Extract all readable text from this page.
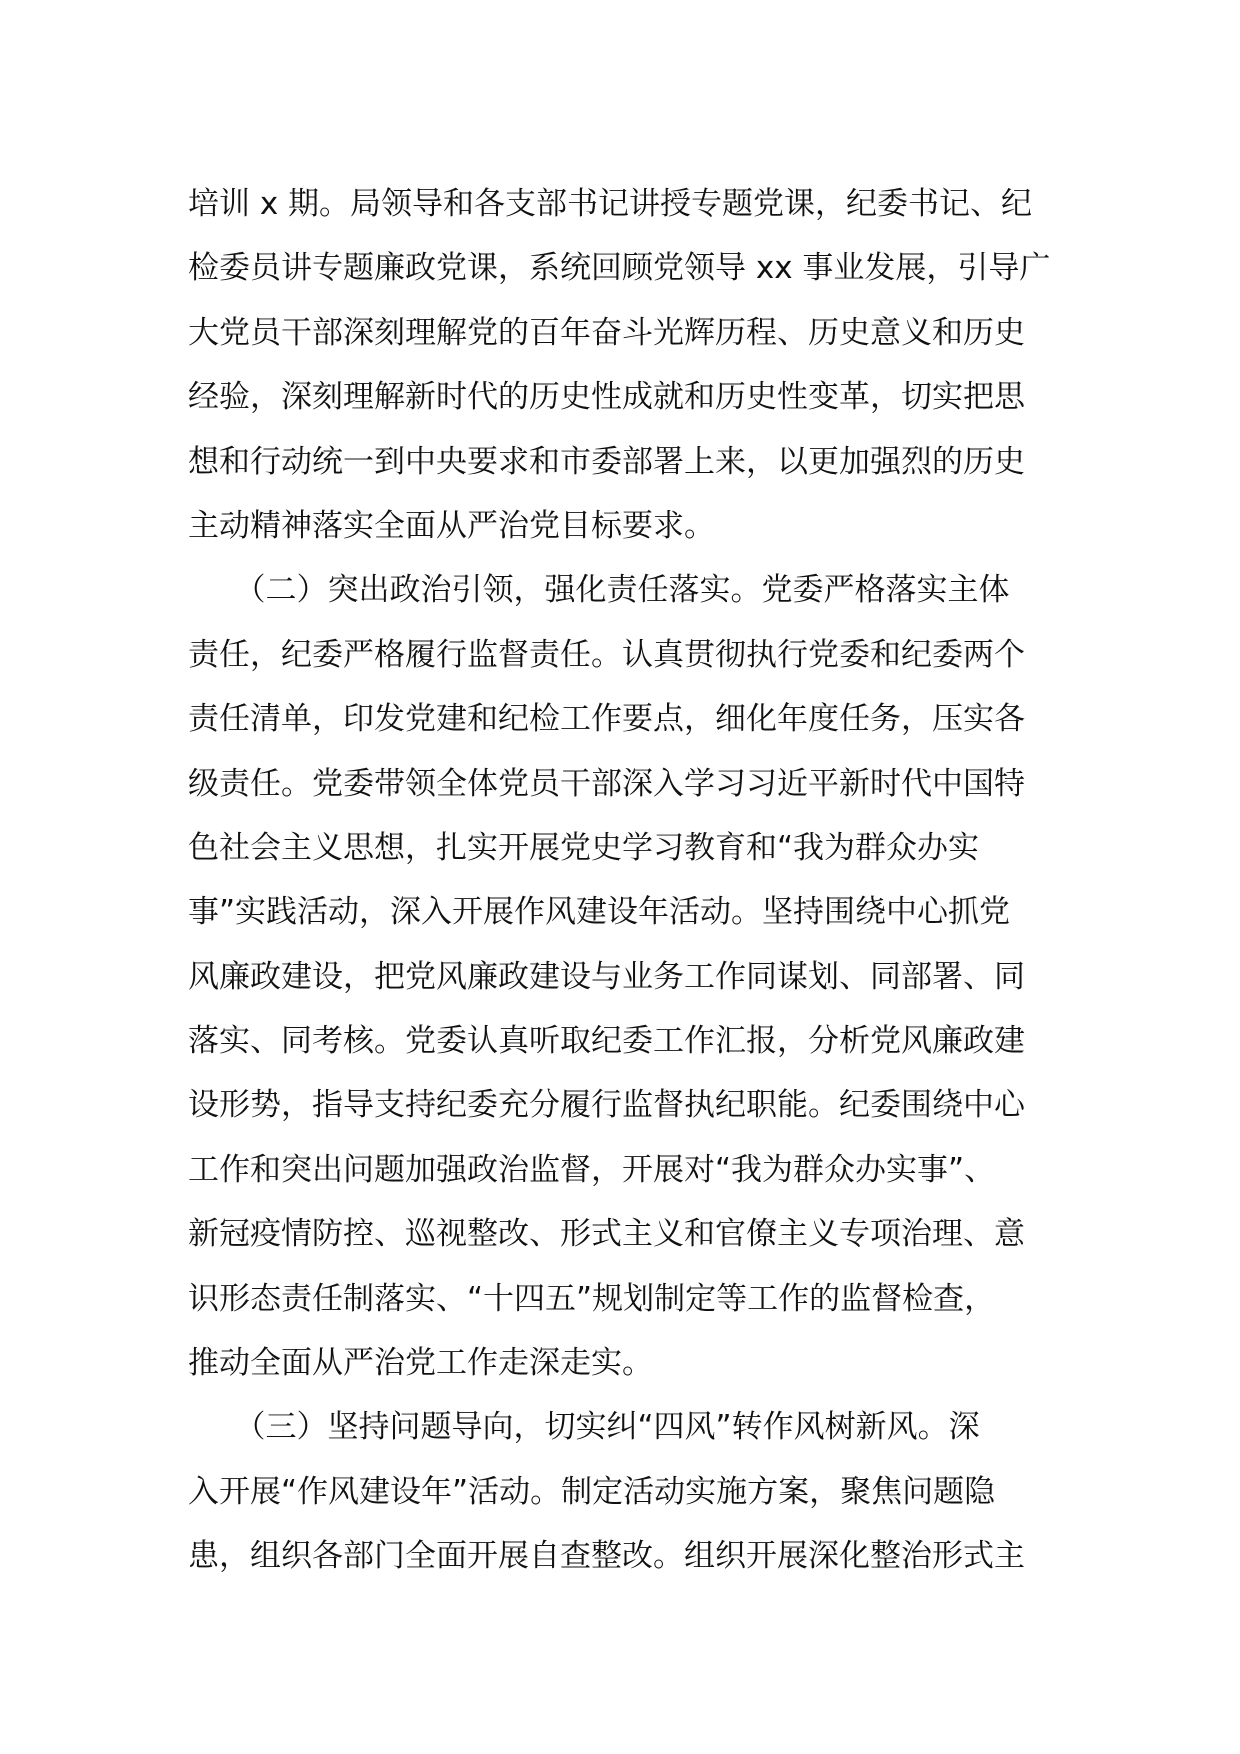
培训 x 期。局领导和各支部书记讲授专题党课，纪委书记、纪
检委员讲专题廉政党课，系统回顾党领导 xx 事业发展，引导广
大党员干部深刻理解党的百年奋斗光辉历程、历史意义和历史
经验，深刻理解新时代的历史性成就和历史性变革，切实把思
想和行动统一到中央要求和市委部署上来，以更加强烈的历史
主动精神落实全面从严治党目标要求。
　　（二）突出政治引领，强化责任落实。党委严格落实主体
责任，纪委严格履行监督责任。认真贯彻执行党委和纪委两个
责任清单，印发党建和纪检工作要点，细化年度任务，压实各
级责任。党委带领全体党员干部深入学习习近平新时代中国特
色社会主义思想，扎实开展党史学习教育和“我为群众办实
事”实践活动，深入开展作风建设年活动。坚持围绕中心抓党
风廉政建设，把党风廉政建设与业务工作同谋划、同部署、同
落实、同考核。党委认真听取纪委工作汇报，分析党风廉政建
设形势，指导支持纪委充分履行监督执纪职能。纪委围绕中心
工作和突出问题加强政治监督，开展对“我为群众办实事”、
新冠疫情防控、巡视整改、形式主义和官僚主义专项治理、意
识形态责任制落实、“十四五”规划制定等工作的监督检查，
推动全面从严治党工作走深走实。
　　（三）坚持问题导向，切实纠“四风”转作风树新风。深
入开展“作风建设年”活动。制定活动实施方案，聚焦问题隐
患，组织各部门全面开展自查整改。组织开展深化整治形式主
